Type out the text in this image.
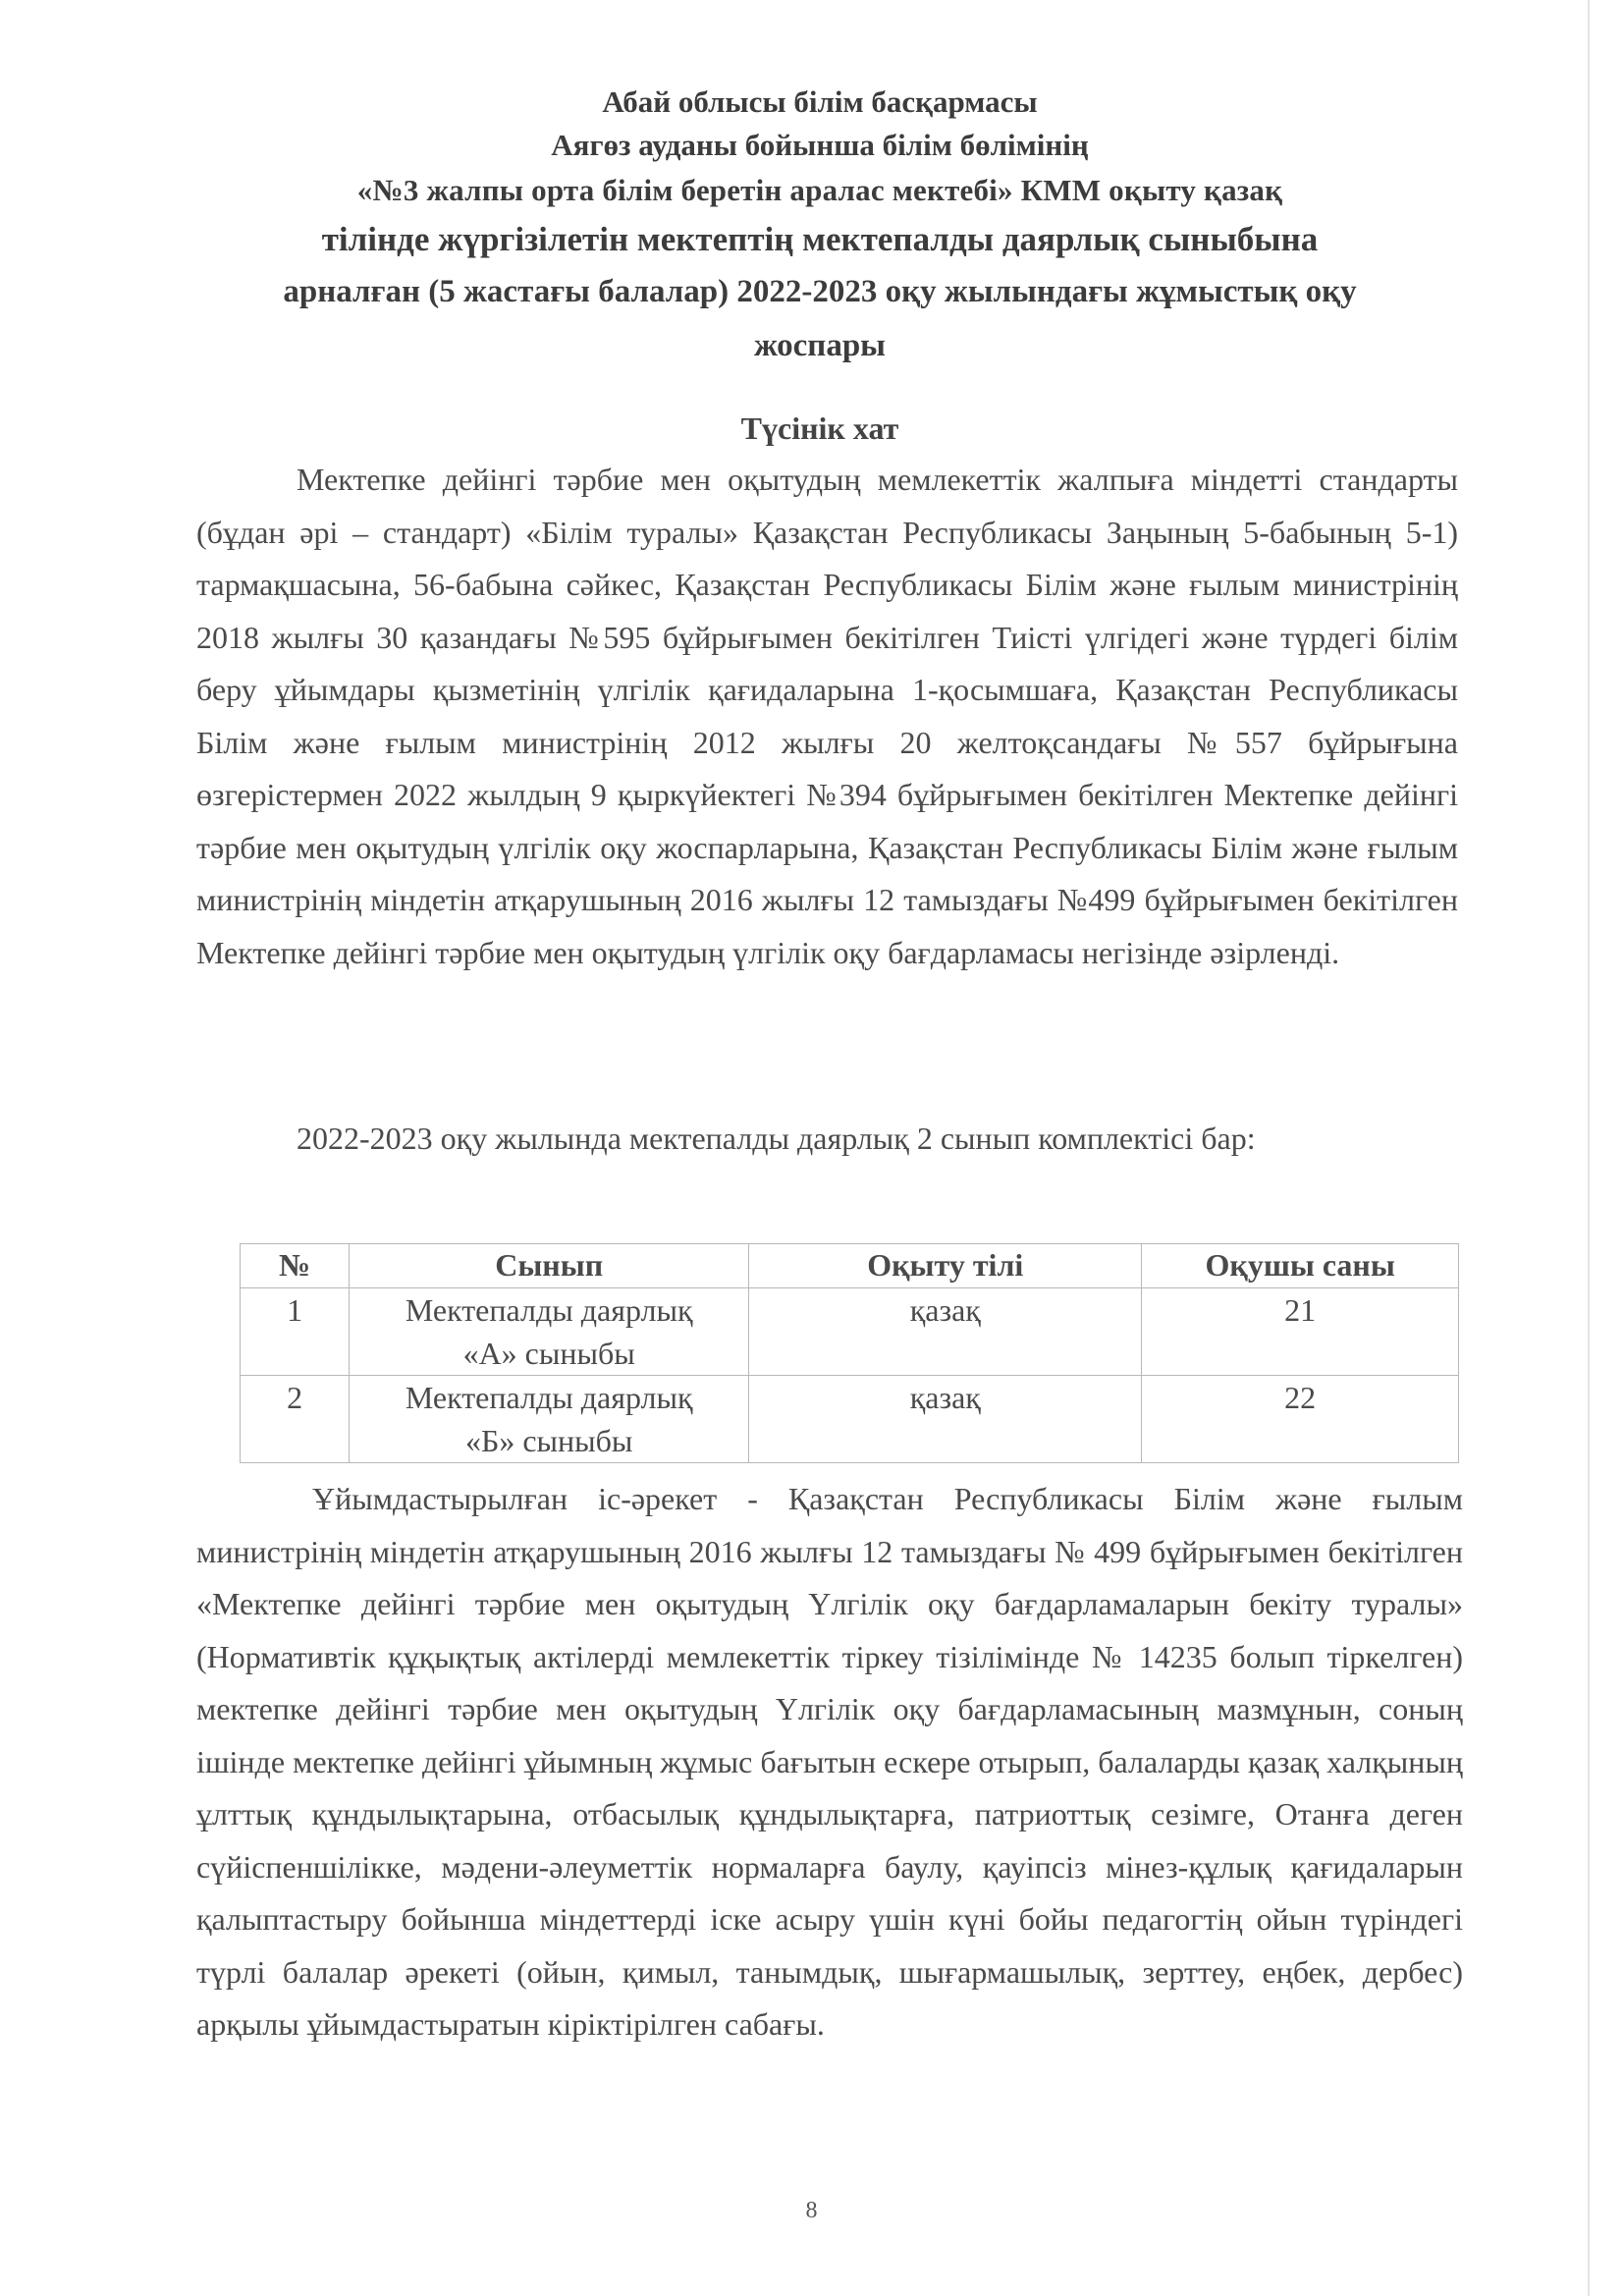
Абай облысы білім басқармасы
Аягөз ауданы бойынша білім бөлімінің
«№3 жалпы орта білім беретін аралас мектебі» КММ оқыту қазақ
тілінде жүргізілетін мектептің мектепалды даярлық сыныбына
арналған (5 жастағы балалар) 2022-2023 оқу жылындағы жұмыстық оқу
жоспары
Түсінік хат
Мектепке дейінгі тәрбие мен оқытудың мемлекеттік жалпыға міндетті стандарты (бұдан әрі – стандарт) «Білім туралы» Қазақстан Республикасы Заңының 5-бабының 5-1) тармақшасына, 56-бабына сәйкес, Қазақстан Республикасы Білім және ғылым министрінің 2018 жылғы 30 қазандағы №595 бұйрығымен бекітілген Тиісті үлгідегі және түрдегі білім беру ұйымдары қызметінің үлгілік қағидаларына 1-қосымшаға, Қазақстан Республикасы Білім және ғылым министрінің 2012 жылғы 20 желтоқсандағы №557 бұйрығына өзгерістермен 2022 жылдың 9 қыркүйектегі №394 бұйрығымен бекітілген Мектепке дейінгі тәрбие мен оқытудың үлгілік оқу жоспарларына, Қазақстан Республикасы Білім және ғылым министрінің міндетін атқарушының 2016 жылғы 12 тамыздағы №499 бұйрығымен бекітілген Мектепке дейінгі тәрбие мен оқытудың үлгілік оқу бағдарламасы негізінде әзірленді.
2022-2023 оқу жылында мектепалды даярлық 2 сынып комплектісі бар:
№	Сынып	Оқыту тілі	Оқушы саны
1	Мектепалды даярлық
«А» сыныбы	қазақ	21
2	Мектепалды даярлық
«Б» сыныбы	қазақ	22
Ұйымдастырылған іс-әрекет - Қазақстан Республикасы Білім және ғылым министрінің міндетін атқарушының 2016 жылғы 12 тамыздағы № 499 бұйрығымен бекітілген «Мектепке дейінгі тәрбие мен оқытудың Үлгілік оқу бағдарламаларын бекіту туралы» (Нормативтік құқықтық актілерді мемлекеттік тіркеу тізілімінде № 14235 болып тіркелген) мектепке дейінгі тәрбие мен оқытудың Үлгілік оқу бағдарламасының мазмұнын, соның ішінде мектепке дейінгі ұйымның жұмыс бағытын ескере отырып, балаларды қазақ халқының ұлттық құндылықтарына, отбасылық құндылықтарға, патриоттық сезімге, Отанға деген сүйіспеншілікке, мәдени-әлеуметтік нормаларға баулу, қауіпсіз мінез-құлық қағидаларын қалыптастыру бойынша міндеттерді іске асыру үшін күні бойы педагогтің ойын түріндегі түрлі балалар әрекеті (ойын, қимыл, танымдық, шығармашылық, зерттеу, еңбек, дербес) арқылы ұйымдастыратын кіріктірілген сабағы.
8
